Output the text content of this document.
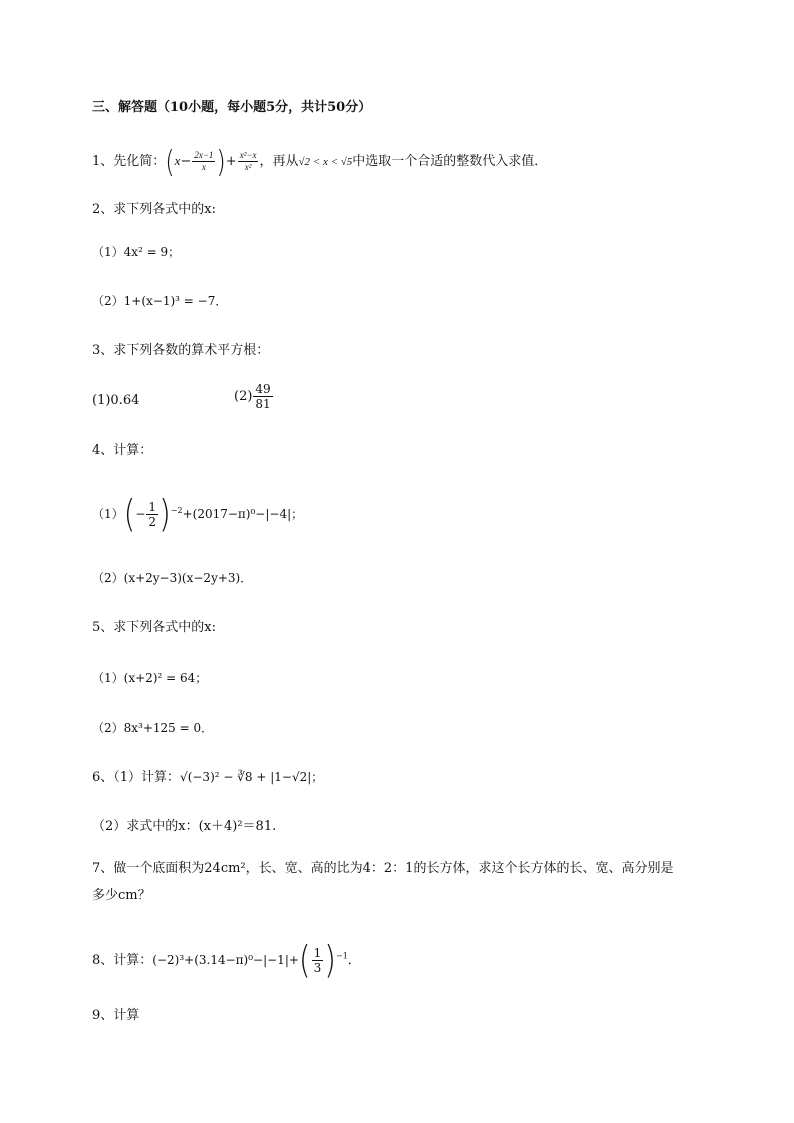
三、解答题（10小题，每小题5分，共计50分）
1、先化简：($x- \frac{2x-1}{x}$ )+ $\frac{\text{x²−x}}{\text{x²}}$ ，再从√2 < x < √5中选取一个合适的整数代入求值．
2、求下列各式中的x:
（1）4x² = 9；
（2）1+(x−1)³ = −7．
3、求下列各数的算术平方根：
(1)0.64	$(2) \frac{49}{81}$
4、计算：
$(1)(- \frac{1}{2} )^{-2}+(2017-\pi)^0-|-4|$；
（2）(x+2y−3)(x−2y+3)．
5、求下列各式中的x:
（1）(x+2)² = 64；
（2）8x³+125 = 0．
6、（1）计算：√(−3)² − ∛8 + |1−√2|；
（2）求式中的x：(x＋4)²＝81.
7、做一个底面积为24cm²，长、宽、高的比为4：2：1的长方体，求这个长方体的长、宽、高分别是
多少cm？
8、计算：$(-2)^3+(3.14-\pi)^0-|-1|+( \frac{1}{3} )^{-1}$．
9、计算
